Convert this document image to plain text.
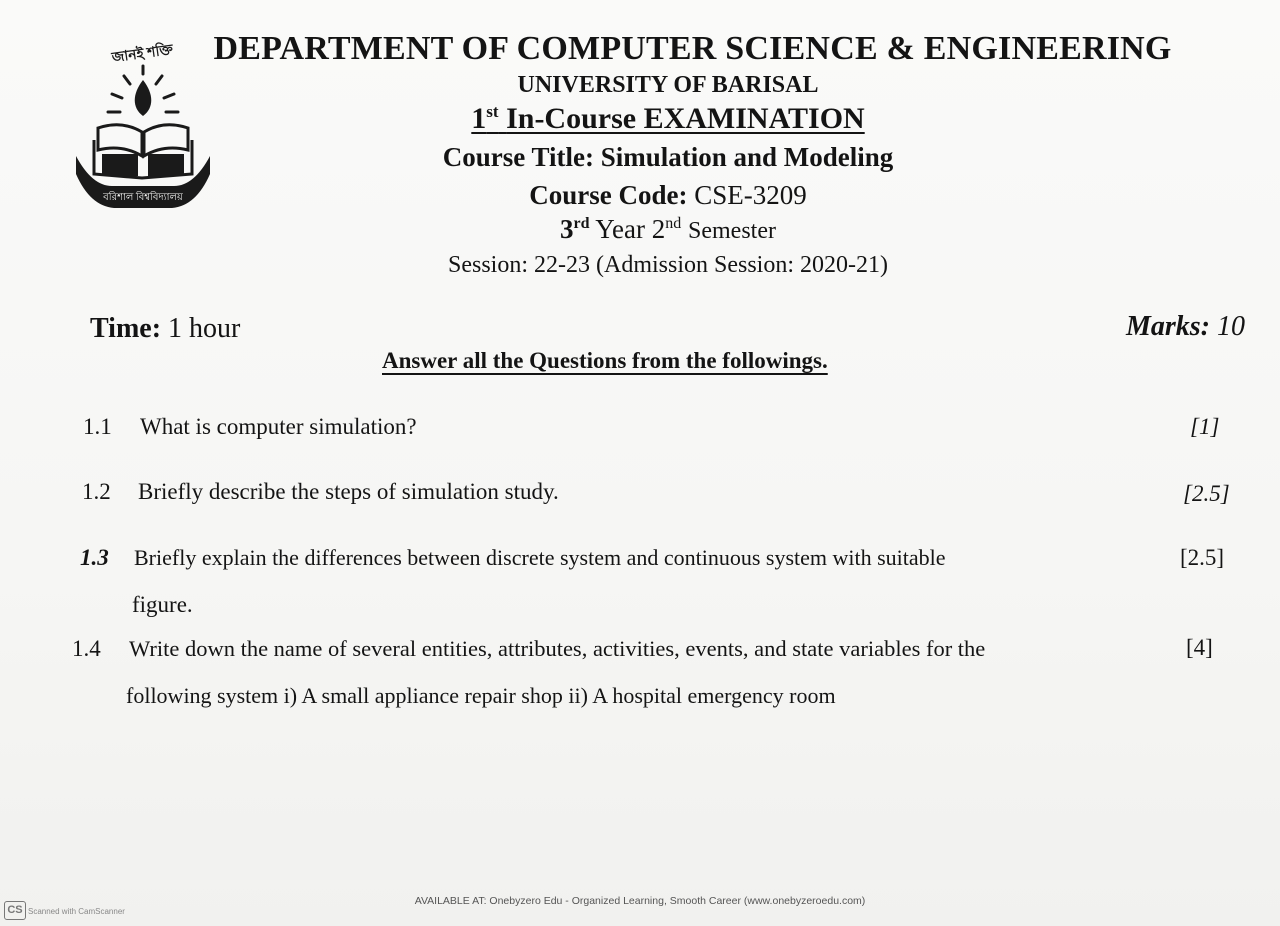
জানই শক্তি
বরিশাল বিশ্ববিদ্যালয়
DEPARTMENT OF COMPUTER SCIENCE & ENGINEERING
UNIVERSITY OF BARISAL
1st In-Course EXAMINATION
Course Title: Simulation and Modeling
Course Code: CSE-3209
3rd Year 2nd Semester
Session: 22-23 (Admission Session: 2020-21)
Time: 1 hour	Marks: 10
Answer all the Questions from the followings.
1.1 What is computer simulation?	[1]
1.2 Briefly describe the steps of simulation study.	[2.5]
1.3 Briefly explain the differences between discrete system and continuous system with suitable
figure.
[2.5]
1.4 Write down the name of several entities, attributes, activities, events, and state variables for the
following system i) A small appliance repair shop ii) A hospital emergency room
[4]
AVAILABLE AT: Onebyzero Edu - Organized Learning, Smooth Career (www.onebyzeroedu.com)
CS Scanned with CamScanner
